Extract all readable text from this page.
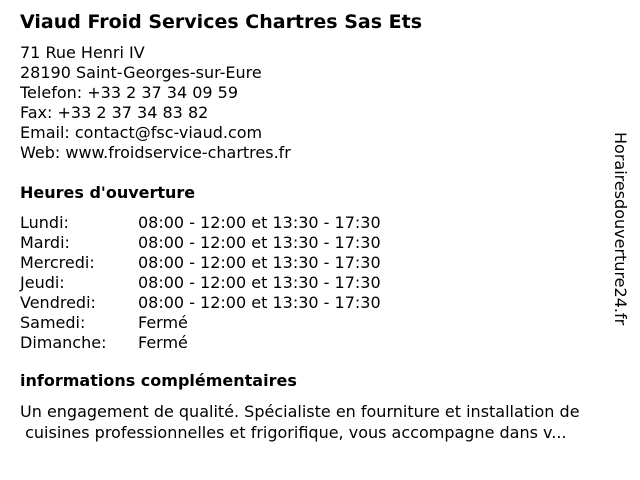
Viaud Froid Services Chartres Sas Ets
71 Rue Henri IV
28190 Saint-Georges-sur-Eure
Telefon: +33 2 37 34 09 59
Fax: +33 2 37 34 83 82
Email: contact@fsc-viaud.com
Web: www.froidservice-chartres.fr
Heures d'ouverture
Lundi:	08:00 - 12:00 et 13:30 - 17:30
Mardi:	08:00 - 12:00 et 13:30 - 17:30
Mercredi:	08:00 - 12:00 et 13:30 - 17:30
Jeudi:	08:00 - 12:00 et 13:30 - 17:30
Vendredi:	08:00 - 12:00 et 13:30 - 17:30
Samedi:	Fermé
Dimanche:	Fermé
informations complémentaires
Un engagement de qualité. Spécialiste en fourniture et installation de
cuisines professionnelles et frigorifique, vous accompagne dans v...
Horairesdouverture24.fr
